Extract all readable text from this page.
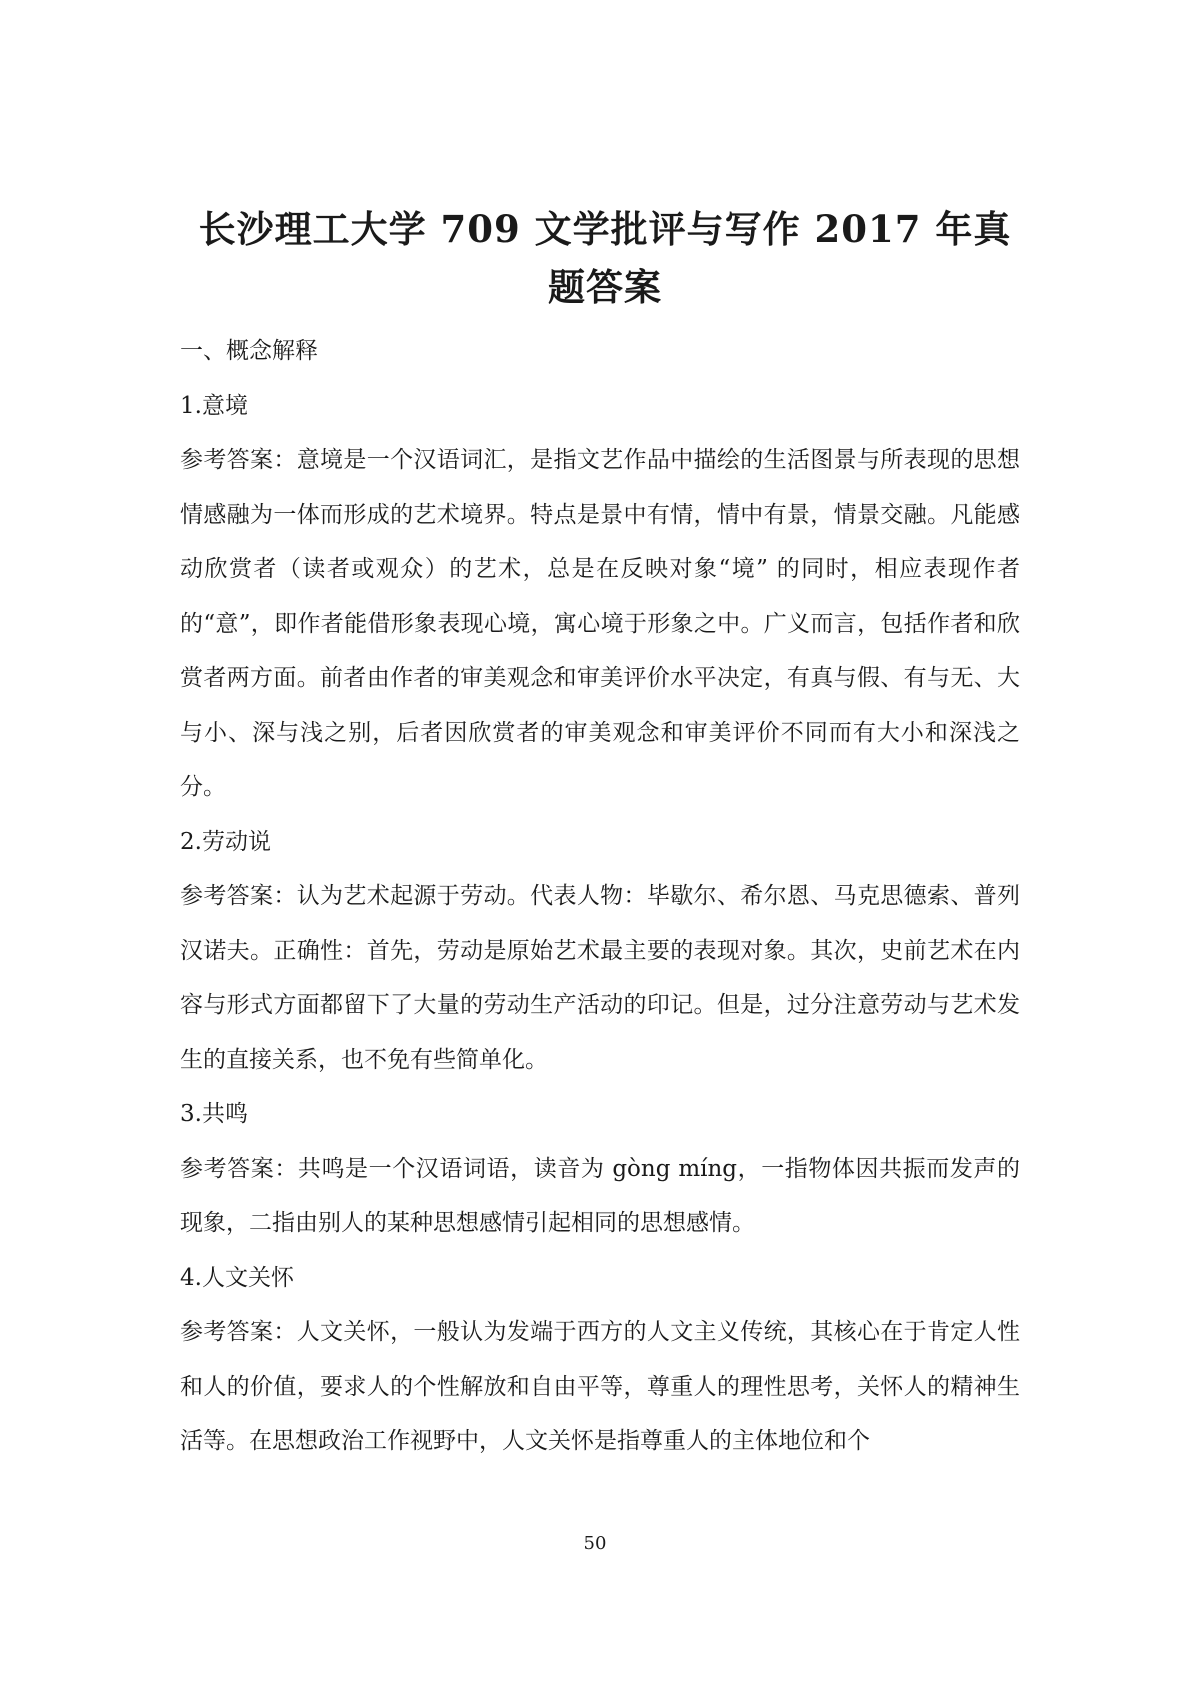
长沙理工大学 709 文学批评与写作 2017 年真题答案

一、概念解释

1.意境

参考答案：意境是一个汉语词汇，是指文艺作品中描绘的生活图景与所表现的思想情感融为一体而形成的艺术境界。特点是景中有情，情中有景，情景交融。凡能感动欣赏者（读者或观众）的艺术，总是在反映对象“境” 的同时，相应表现作者的“意”，即作者能借形象表现心境，寓心境于形象之中。广义而言，包括作者和欣赏者两方面。前者由作者的审美观念和审美评价水平决定，有真与假、有与无、大与小、深与浅之别，后者因欣赏者的审美观念和审美评价不同而有大小和深浅之分。

2.劳动说

参考答案：认为艺术起源于劳动。代表人物：毕歇尔、希尔恩、马克思德索、普列汉诺夫。正确性：首先，劳动是原始艺术最主要的表现对象。其次，史前艺术在内容与形式方面都留下了大量的劳动生产活动的印记。但是，过分注意劳动与艺术发生的直接关系，也不免有些简单化。

3.共鸣

参考答案：共鸣是一个汉语词语，读音为 gòng míng，一指物体因共振而发声的现象，二指由别人的某种思想感情引起相同的思想感情。

4.人文关怀

参考答案：人文关怀，一般认为发端于西方的人文主义传统，其核心在于肯定人性和人的价值，要求人的个性解放和自由平等，尊重人的理性思考，关怀人的精神生活等。在思想政治工作视野中，人文关怀是指尊重人的主体地位和个

50
